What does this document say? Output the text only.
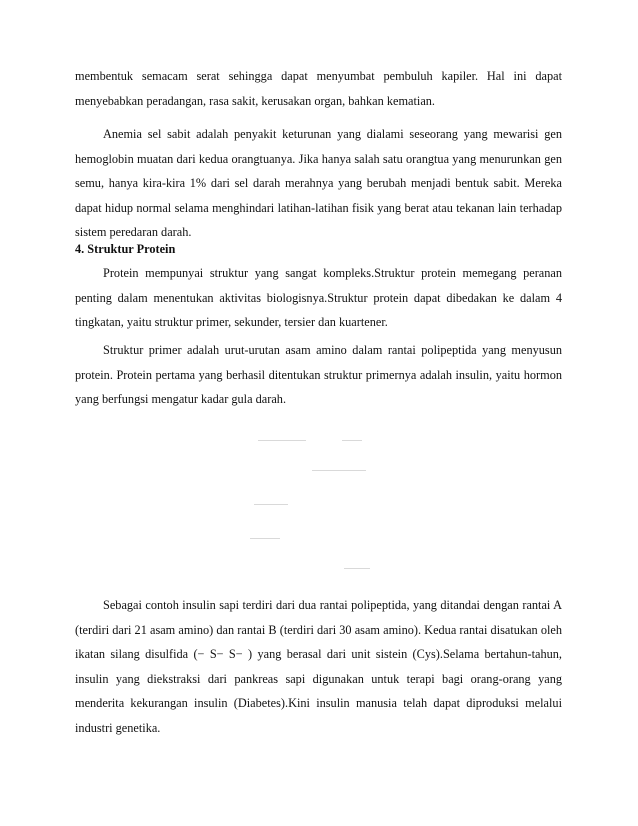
membentuk semacam serat sehingga dapat menyumbat pembuluh kapiler. Hal ini dapat menyebabkan peradangan, rasa sakit, kerusakan organ, bahkan kematian.

Anemia sel sabit adalah penyakit keturunan yang dialami seseorang yang mewarisi gen hemoglobin muatan dari kedua orangtuanya. Jika hanya salah satu orangtua yang menurunkan gen semu, hanya kira-kira 1% dari sel darah merahnya yang berubah menjadi bentuk sabit. Mereka dapat hidup normal selama menghindari latihan-latihan fisik yang berat atau tekanan lain terhadap sistem peredaran darah.

4. Struktur Protein

Protein mempunyai struktur yang sangat kompleks.Struktur protein memegang peranan penting dalam menentukan aktivitas biologisnya.Struktur protein dapat dibedakan ke dalam 4 tingkatan, yaitu struktur primer, sekunder, tersier dan kuartener.

Struktur primer adalah urut-urutan asam amino dalam rantai polipeptida yang menyusun protein. Protein pertama yang berhasil ditentukan struktur primernya adalah insulin, yaitu hormon yang berfungsi mengatur kadar gula darah.

Sebagai contoh insulin sapi terdiri dari dua rantai polipeptida, yang ditandai dengan rantai A (terdiri dari 21 asam amino) dan rantai B (terdiri dari 30 asam amino). Kedua rantai disatukan oleh ikatan silang disulfida (− S− S− ) yang berasal dari unit sistein (Cys).Selama bertahun-tahun, insulin yang diekstraksi dari pankreas sapi digunakan untuk terapi bagi orang-orang yang menderita kekurangan insulin (Diabetes).Kini insulin manusia telah dapat diproduksi melalui industri genetika.
